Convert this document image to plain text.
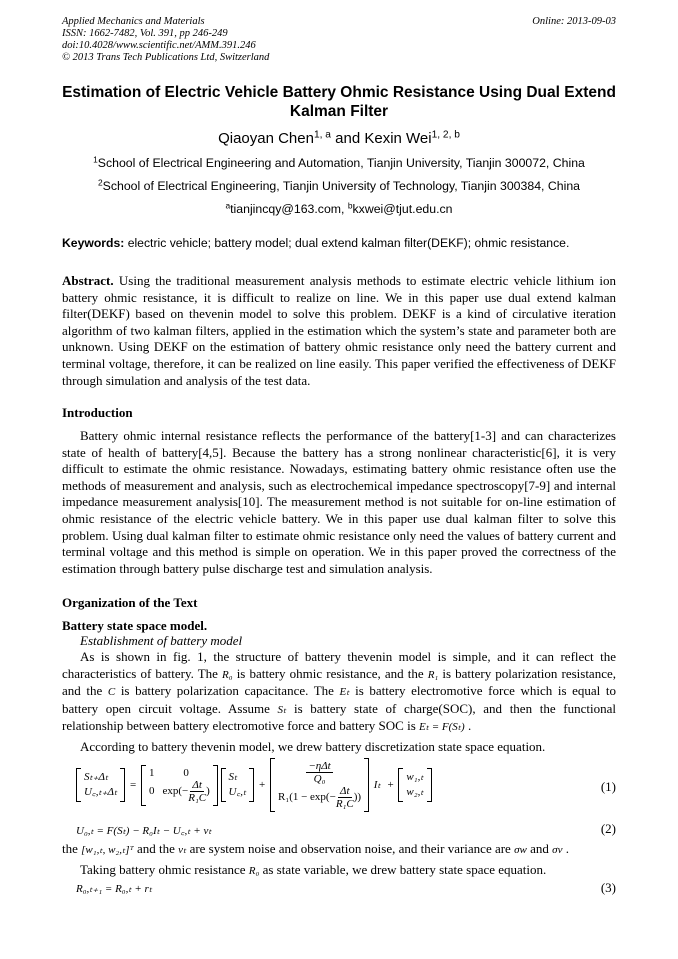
Applied Mechanics and Materials
ISSN: 1662-7482, Vol. 391, pp 246-249
doi:10.4028/www.scientific.net/AMM.391.246
© 2013 Trans Tech Publications Ltd, Switzerland
Online: 2013-09-03
Estimation of Electric Vehicle Battery Ohmic Resistance Using Dual Extend Kalman Filter
Qiaoyan Chen$^{1, a}$ and Kexin Wei$^{1, 2, b}$
$^1$School of Electrical Engineering and Automation, Tianjin University, Tianjin 300072, China
$^2$School of Electrical Engineering, Tianjin University of Technology, Tianjin 300384, China
$^a$tianjincqy@163.com, $^b$kxwei@tjut.edu.cn
Keywords: electric vehicle; battery model; dual extend kalman filter(DEKF); ohmic resistance.
Abstract. Using the traditional measurement analysis methods to estimate electric vehicle lithium ion battery ohmic resistance, it is difficult to realize on line. We in this paper use dual extend kalman filter(DEKF) based on thevenin model to solve this problem. DEKF is a kind of circulative iteration algorithm of two kalman filters, applied in the estimation which the system’s state and parameter both are unknown. Using DEKF on the estimation of battery ohmic resistance only need the battery current and terminal voltage, therefore, it can be realized on line easily. This paper verified the effectiveness of DEKF through simulation and analysis of the test data.
Introduction
Battery ohmic internal resistance reflects the performance of the battery[1-3] and can characterizes state of health of battery[4,5]. Because the battery has a strong nonlinear characteristic[6], it is very difficult to estimate the ohmic resistance. Nowadays, estimating battery ohmic resistance often use the methods of measurement and analysis, such as electrochemical impedance spectroscopy[7-9] and internal impedance measurement analysis[10]. The measurement method is not suitable for on-line estimation of ohmic resistance of the electric vehicle battery. We in this paper use dual kalman filter to solve this problem. Using dual kalman filter to estimate ohmic resistance only need the values of battery current and terminal voltage and this method is simple on operation. We in this paper proved the correctness of the estimation through battery pulse discharge test and simulation analysis.
Organization of the Text
Battery state space model.
Establishment of battery model
As is shown in fig. 1, the structure of battery thevenin model is simple, and it can reflect the characteristics of battery. The R₀ is battery ohmic resistance, and the R₁ is battery polarization resistance, and the C is battery polarization capacitance. The Eₜ is battery electromotive force which is equal to battery open circuit voltage. Assume Sₜ is battery state of charge(SOC), and then the functional relationship between battery electromotive force and battery SOC is Eₜ = F(Sₜ) .
According to battery thevenin model, we drew battery discretization state space equation.
Sₜ₊Δₜ
U꜀,ₜ₊Δₜ
=
1	0
0 $\exp(- \frac{\Delta t}{\text{R₁C}}$ )

Sₜ
U꜀,ₜ
+	$\frac{\text{−ηΔt}}{\text{Q₀}}$
$R_1(1 - \exp(- \frac{\Delta t}{\text{R₁C}}$ ))
Iₜ +
w₁,ₜ
w₂,ₜ	(1)
U₀,ₜ = F(Sₜ) − R₀Iₜ − U꜀,ₜ + vₜ	(2)
the [w₁,ₜ, w₂,ₜ]ᵀ and the vₜ are system noise and observation noise, and their variance are σw and σv .
Taking battery ohmic resistance R₀ as state variable, we drew battery state space equation.
R₀,ₜ₊₁ = R₀,ₜ + rₜ	(3)
